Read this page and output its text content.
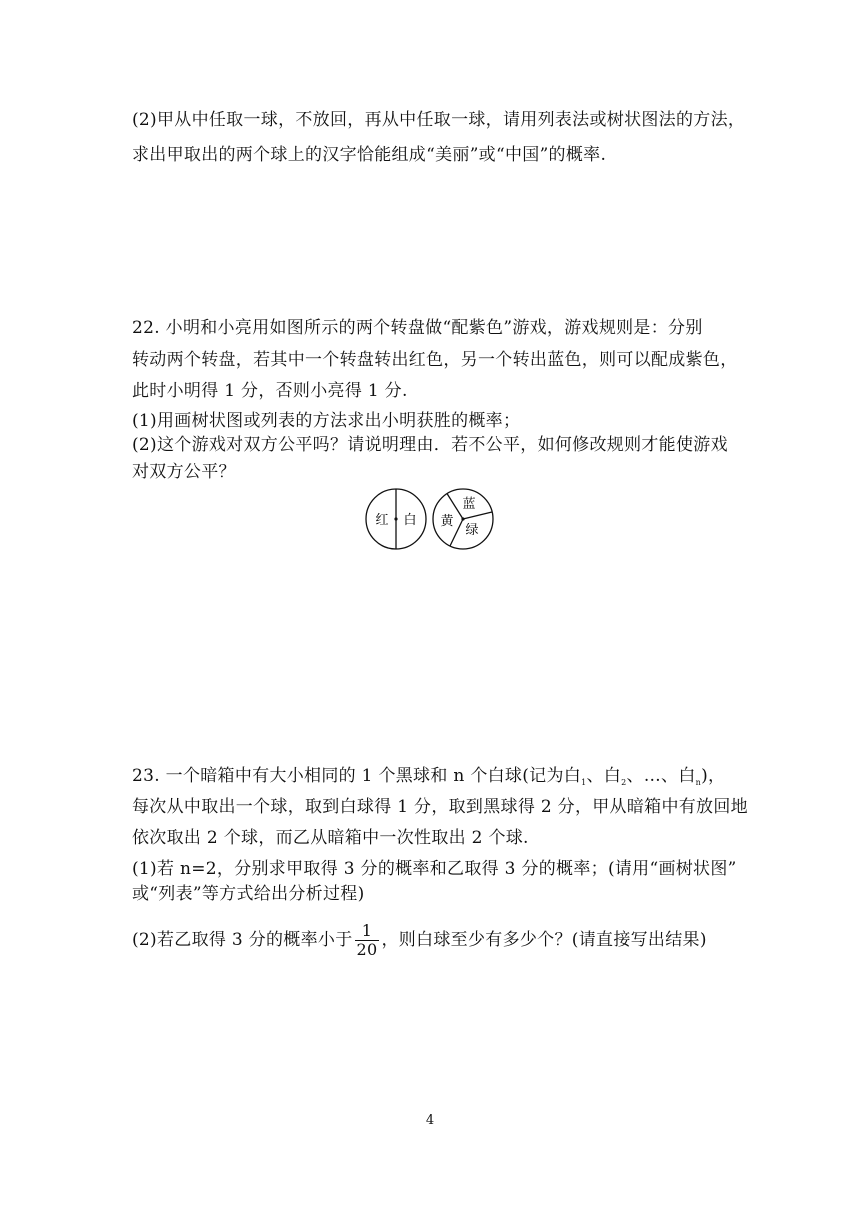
(2)甲从中任取一球，不放回，再从中任取一球，请用列表法或树状图法的方法，
求出甲取出的两个球上的汉字恰能组成“美丽”或“中国”的概率.
22. 小明和小亮用如图所示的两个转盘做“配紫色”游戏，游戏规则是：分别
转动两个转盘，若其中一个转盘转出红色，另一个转出蓝色，则可以配成紫色，
此时小明得 1 分，否则小亮得 1 分.
(1)用画树状图或列表的方法求出小明获胜的概率；
(2)这个游戏对双方公平吗？请说明理由．若不公平，如何修改规则才能使游戏
对双方公平？
红 白
蓝
黄
绿
23. 一个暗箱中有大小相同的 1 个黑球和 n 个白球(记为白$_1$、白$_2$、…、白$_n$)，
每次从中取出一个球，取到白球得 1 分，取到黑球得 2 分，甲从暗箱中有放回地
依次取出 2 个球，而乙从暗箱中一次性取出 2 个球.
(1)若 n=2，分别求甲取得 3 分的概率和乙取得 3 分的概率；(请用“画树状图”
或“列表”等方式给出分析过程)
(2)若乙取得 3 分的概率小于 $\frac{1}{20}$ ，则白球至少有多少个？(请直接写出结果)
4
